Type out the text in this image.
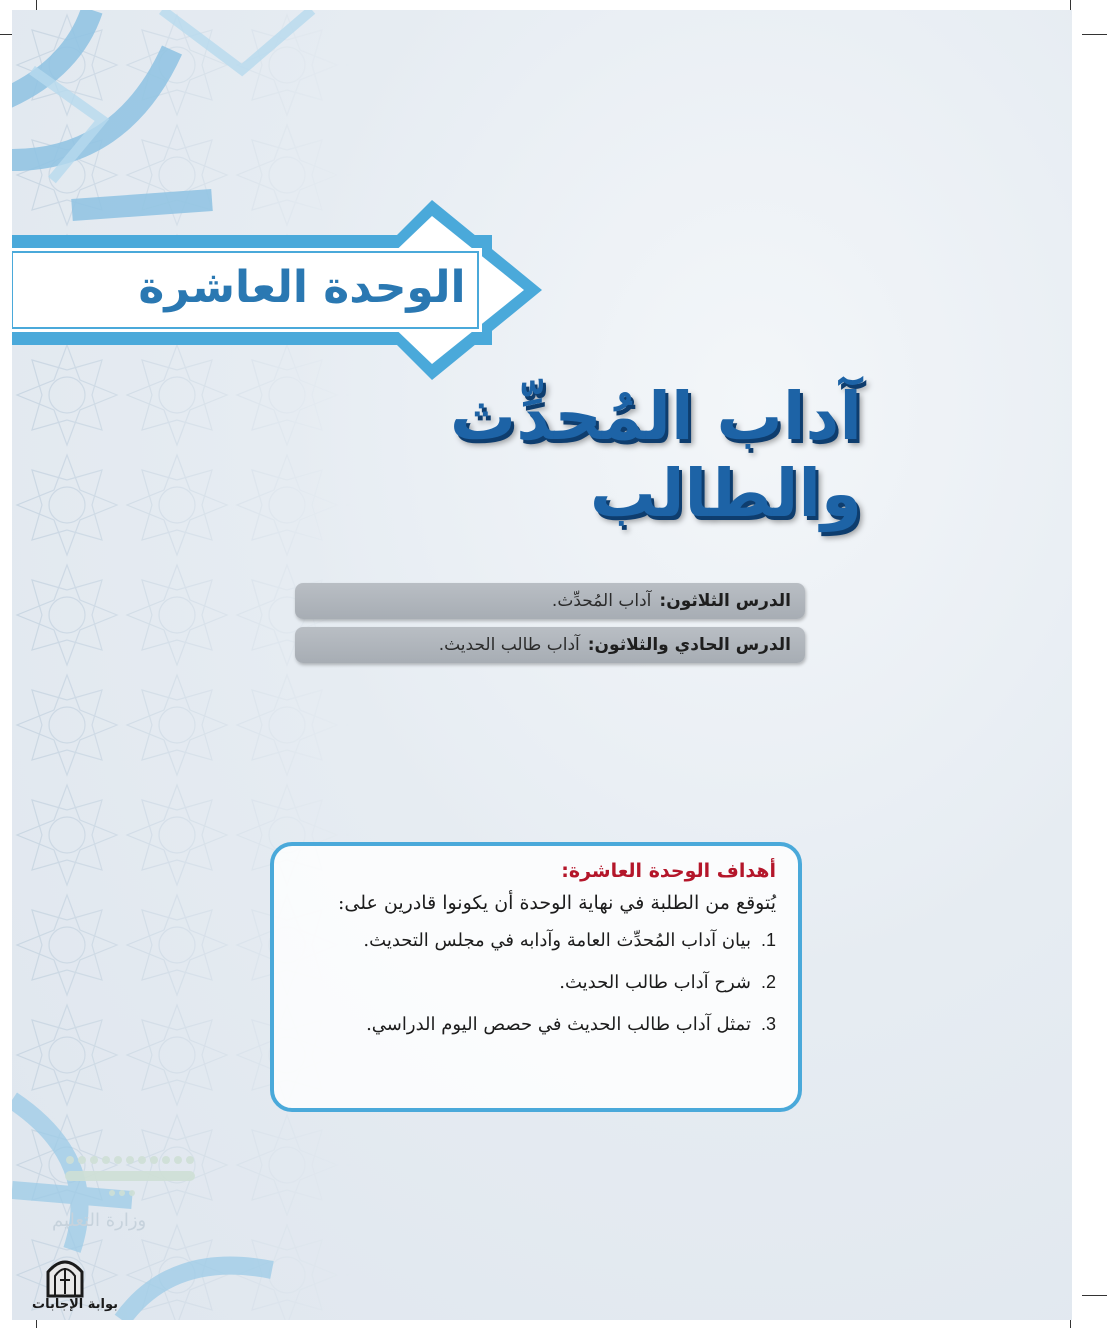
الوحدة العاشرة
آداب المُحدِّث والطالب
الدرس الثلاثون:
آداب المُحدِّث.
الدرس الحادي والثلاثون:
آداب طالب الحديث.
أهداف الوحدة العاشرة:

يُتوقع من الطلبة في نهاية الوحدة أن يكونوا قادرين على:

1.
بيان آداب المُحدِّث العامة وآدابه في مجلس التحديث.
2.
شرح آداب طالب الحديث.
3.
تمثل آداب طالب الحديث في حصص اليوم الدراسي.
وزارة التعليم
بوابة الإجابات
